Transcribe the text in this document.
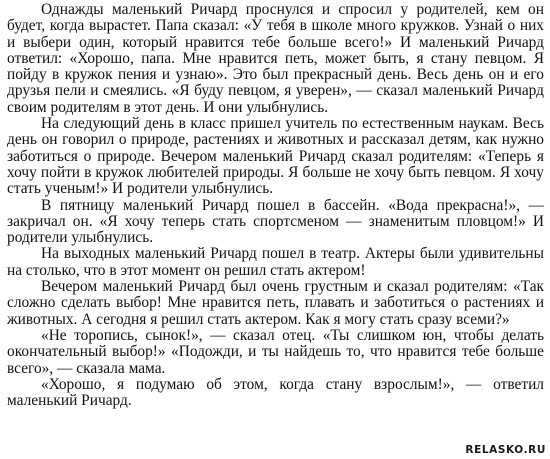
Однажды маленький Ричард проснулся и спросил у родителей, кем он будет, когда вырастет. Папа сказал: «У тебя в школе много кружков. Узнай о них и выбери один, который нравится тебе больше всего!» И маленький Ричард ответил: «Хорошо, папа. Мне нравится петь, может быть, я стану певцом. Я пойду в кружок пения и узнаю». Это был прекрасный день. Весь день он и его друзья пели и смеялись. «Я буду певцом, я уверен», — сказал маленький Ричард своим родителям в этот день. И они улыбнулись.

На следующий день в класс пришел учитель по естественным наукам. Весь день он говорил о природе, растениях и животных и рассказал детям, как нужно заботиться о природе. Вечером маленький Ричард сказал родителям: «Теперь я хочу пойти в кружок любителей природы. Я больше не хочу быть певцом. Я хочу стать ученым!» И родители улыбнулись.

В пятницу маленький Ричард пошел в бассейн. «Вода прекрасна!», — закричал он. «Я хочу теперь стать спортсменом — знаменитым пловцом!» И родители улыбнулись.

На выходных маленький Ричард пошел в театр. Актеры были удивительны на столько, что в этот момент он решил стать актером!

Вечером маленький Ричард был очень грустным и сказал родителям: «Так сложно сделать выбор! Мне нравится петь, плавать и заботиться о растениях и животных. А сегодня я решил стать актером. Как я могу стать сразу всеми?»

«Не торопись, сынок!», — сказал отец. «Ты слишком юн, чтобы делать окончательный выбор!» «Подожди, и ты найдешь то, что нравится тебе больше всего», — сказала мама.

«Хорошо, я подумаю об этом, когда стану взрослым!», — ответил маленький Ричард.

RELASKO.RU
